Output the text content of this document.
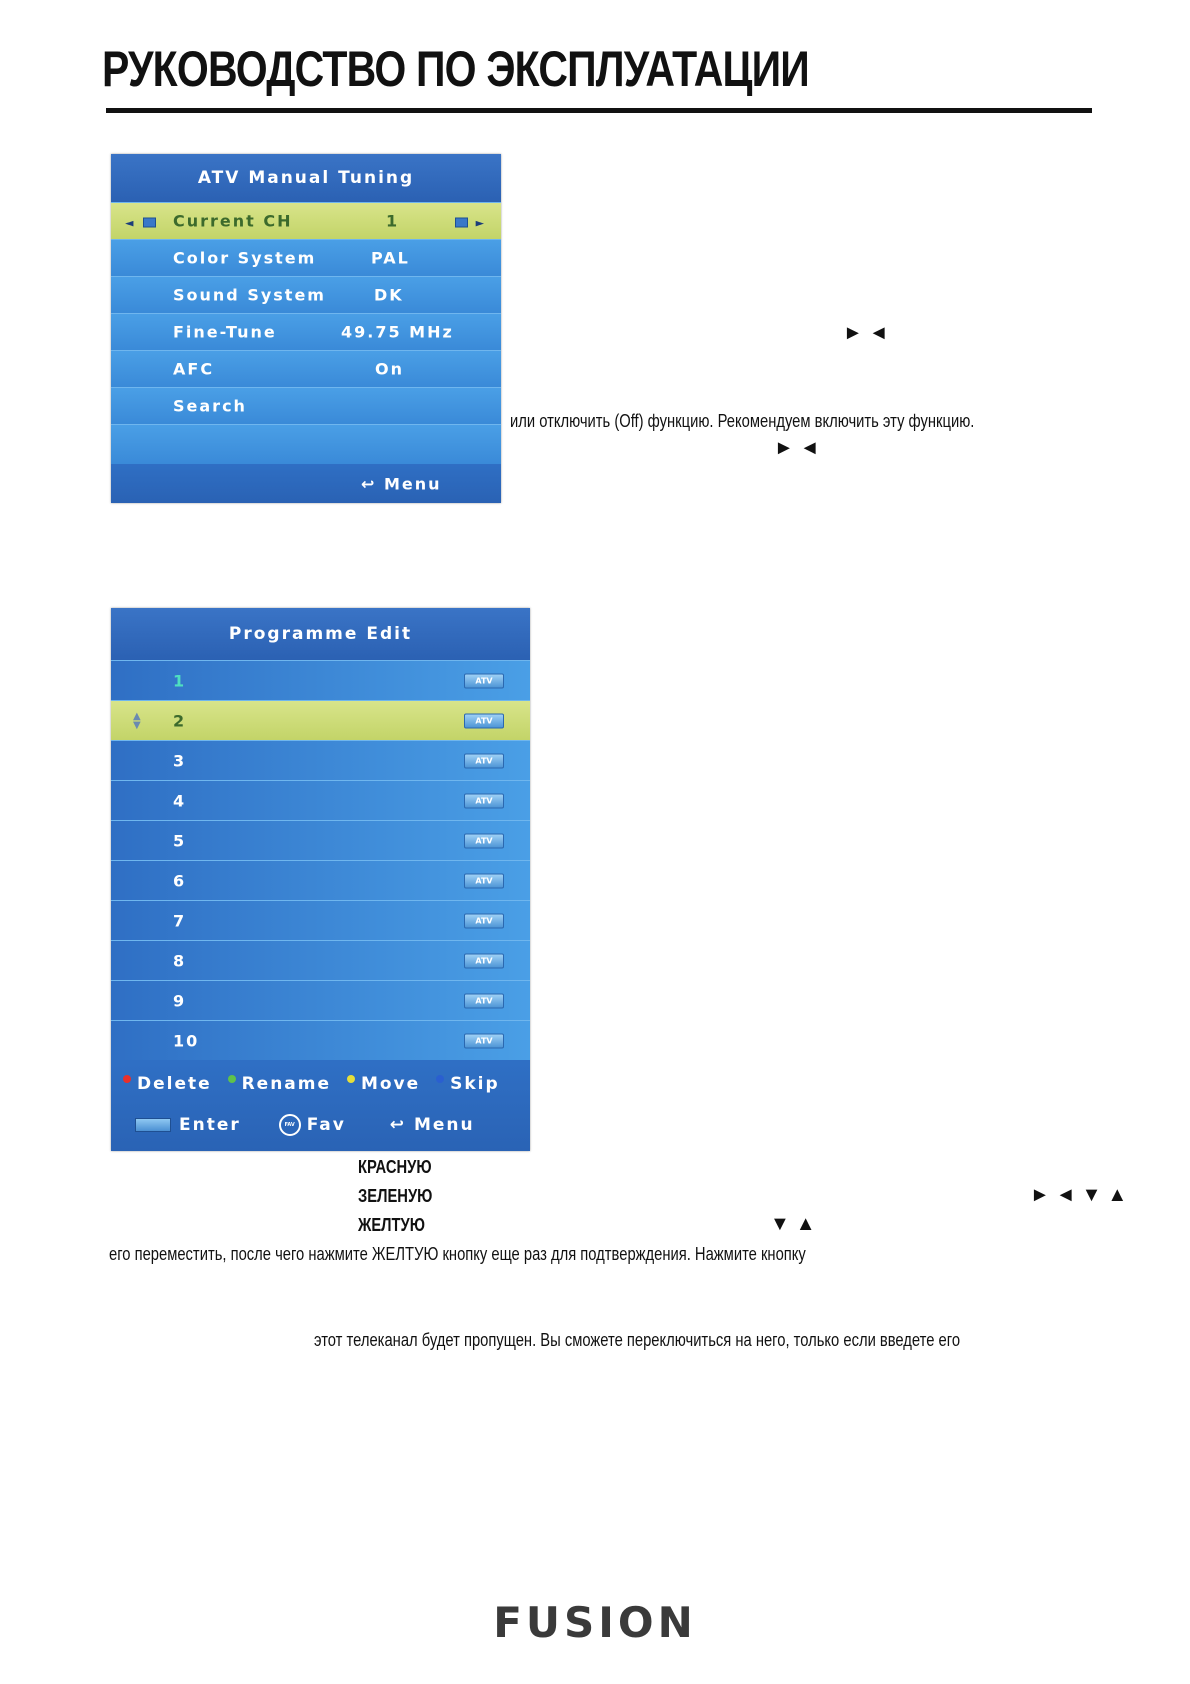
РУКОВОДСТВО ПО ЭКСПЛУАТАЦИИ
ATV Manual Tuning
◄	Current CH	1	►
Color System	PAL
Sound System	DK
Fine-Tune	49.75 MHz
AFC	On
Search
↩ Menu
►◄
или отключить (Off) функцию. Рекомендуем включить эту функцию.
►◄
Programme Edit
1	ATV
▲
▼ 2	ATV
3	ATV
4	ATV
5	ATV
6	ATV
7	ATV
8	ATV
9	ATV
10	ATV
Delete Rename Move Skip
Enter	FAV Fav	↩ Menu
КРАСНУЮ
ЗЕЛЕНУЮ
ЖЕЛТУЮ
►◄▼▲
▼▲
его переместить, после чего нажмите ЖЕЛТУЮ кнопку еще раз для подтверждения. Нажмите кнопку
этот телеканал будет пропущен. Вы сможете переключиться на него, только если введете его
FUSION
